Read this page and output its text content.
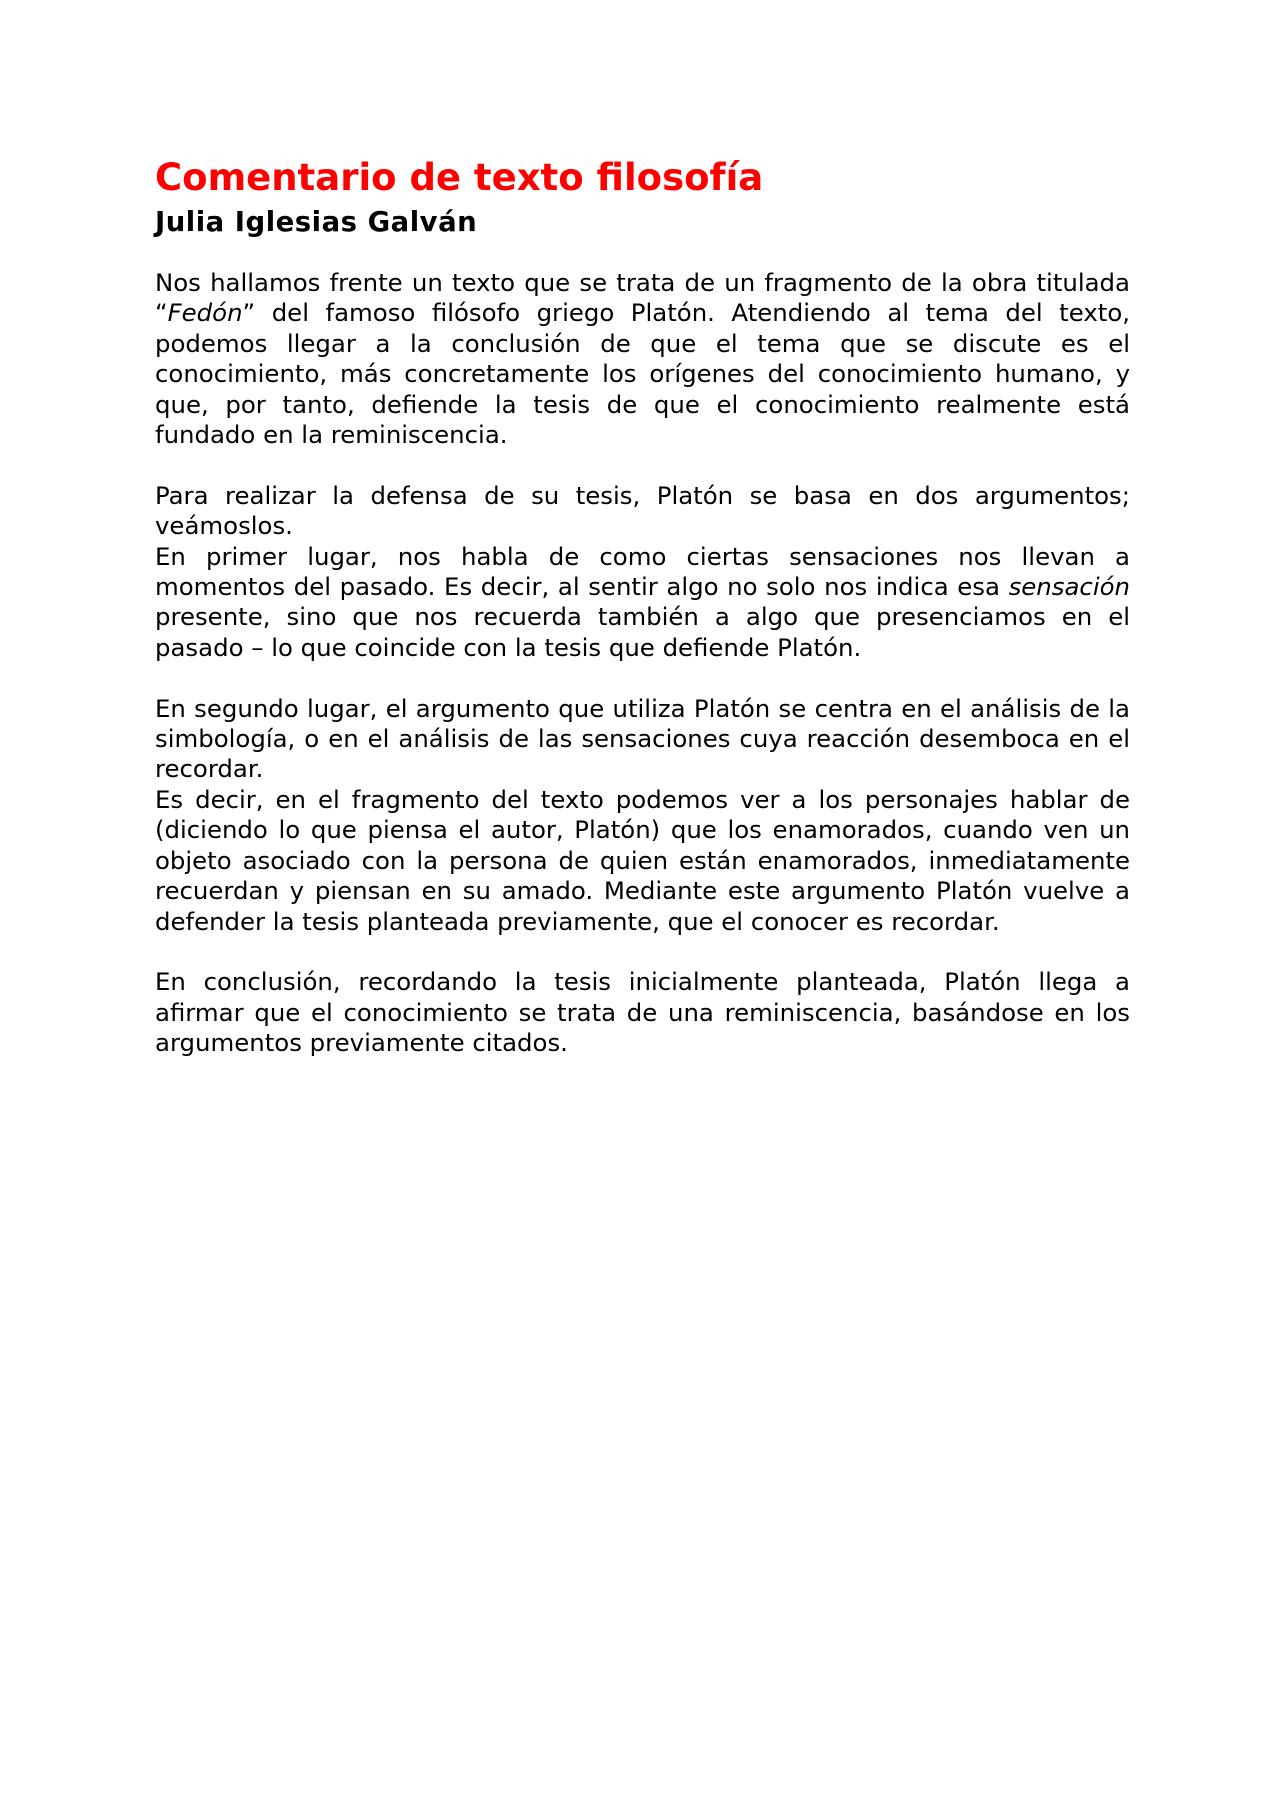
Comentario de texto filosofía
Julia Iglesias Galván

Nos hallamos frente un texto que se trata de un fragmento de la obra titulada “Fedón” del famoso filósofo griego Platón. Atendiendo al tema del texto, podemos llegar a la conclusión de que el tema que se discute es el conocimiento, más concretamente los orígenes del conocimiento humano, y que, por tanto, defiende la tesis de que el conocimiento realmente está fundado en la reminiscencia.

Para realizar la defensa de su tesis, Platón se basa en dos argumentos; veámoslos.

En primer lugar, nos habla de como ciertas sensaciones nos llevan a momentos del pasado. Es decir, al sentir algo no solo nos indica esa sensación presente, sino que nos recuerda también a algo que presenciamos en el pasado – lo que coincide con la tesis que defiende Platón.

En segundo lugar, el argumento que utiliza Platón se centra en el análisis de la simbología, o en el análisis de las sensaciones cuya reacción desemboca en el recordar.

Es decir, en el fragmento del texto podemos ver a los personajes hablar de (diciendo lo que piensa el autor, Platón) que los enamorados, cuando ven un objeto asociado con la persona de quien están enamorados, inmediatamente recuerdan y piensan en su amado. Mediante este argumento Platón vuelve a defender la tesis planteada previamente, que el conocer es recordar.

En conclusión, recordando la tesis inicialmente planteada, Platón llega a afirmar que el conocimiento se trata de una reminiscencia, basándose en los argumentos previamente citados.
